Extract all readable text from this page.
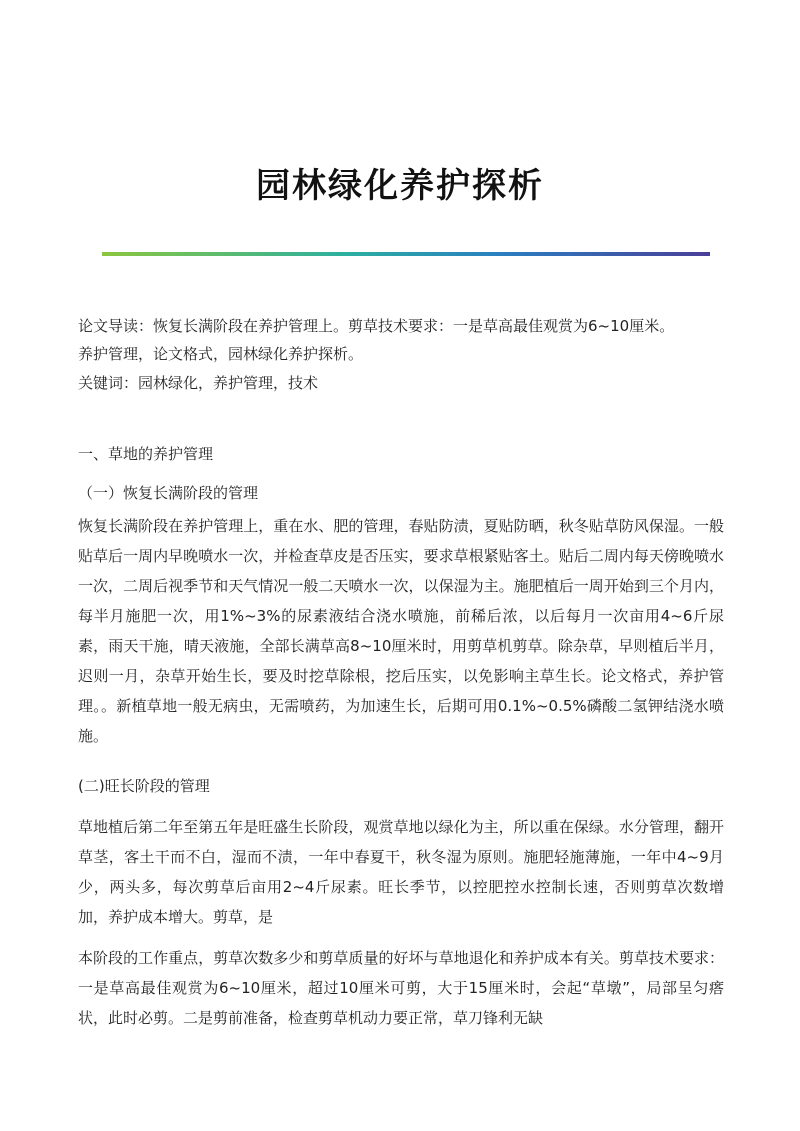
园林绿化养护探析
论文导读：恢复长满阶段在养护管理上。剪草技术要求：一是草高最佳观赏为6~10厘米。
养护管理，论文格式，园林绿化养护探析。
关键词：园林绿化，养护管理，技术
一、草地的养护管理
（一）恢复长满阶段的管理

恢复长满阶段在养护管理上，重在水、肥的管理，春贴防渍，夏贴防晒，秋冬贴草防风保湿。一般贴草后一周内早晚喷水一次，并检查草皮是否压实，要求草根紧贴客土。贴后二周内每天傍晚喷水一次，二周后视季节和天气情况一般二天喷水一次，以保湿为主。施肥植后一周开始到三个月内，每半月施肥一次，用1%~3%的尿素液结合浇水喷施，前稀后浓，以后每月一次亩用4~6斤尿素，雨天干施，晴天液施，全部长满草高8~10厘米时，用剪草机剪草。除杂草，早则植后半月，迟则一月，杂草开始生长，要及时挖草除根，挖后压实，以免影响主草生长。论文格式，养护管理。。新植草地一般无病虫，无需喷药，为加速生长，后期可用0.1%~0.5%磷酸二氢钾结浇水喷施。

(二)旺长阶段的管理

草地植后第二年至第五年是旺盛生长阶段，观赏草地以绿化为主，所以重在保绿。水分管理，翻开草茎，客土干而不白，湿而不渍，一年中春夏干，秋冬湿为原则。施肥轻施薄施，一年中4~9月少，两头多，每次剪草后亩用2~4斤尿素。旺长季节，以控肥控水控制长速，否则剪草次数增加，养护成本增大。剪草，是

本阶段的工作重点，剪草次数多少和剪草质量的好坏与草地退化和养护成本有关。剪草技术要求：一是草高最佳观赏为6~10厘米，超过10厘米可剪，大于15厘米时，会起“草墩”，局部呈匀瘩状，此时必剪。二是剪前准备，检查剪草机动力要正常，草刀锋利无缺
